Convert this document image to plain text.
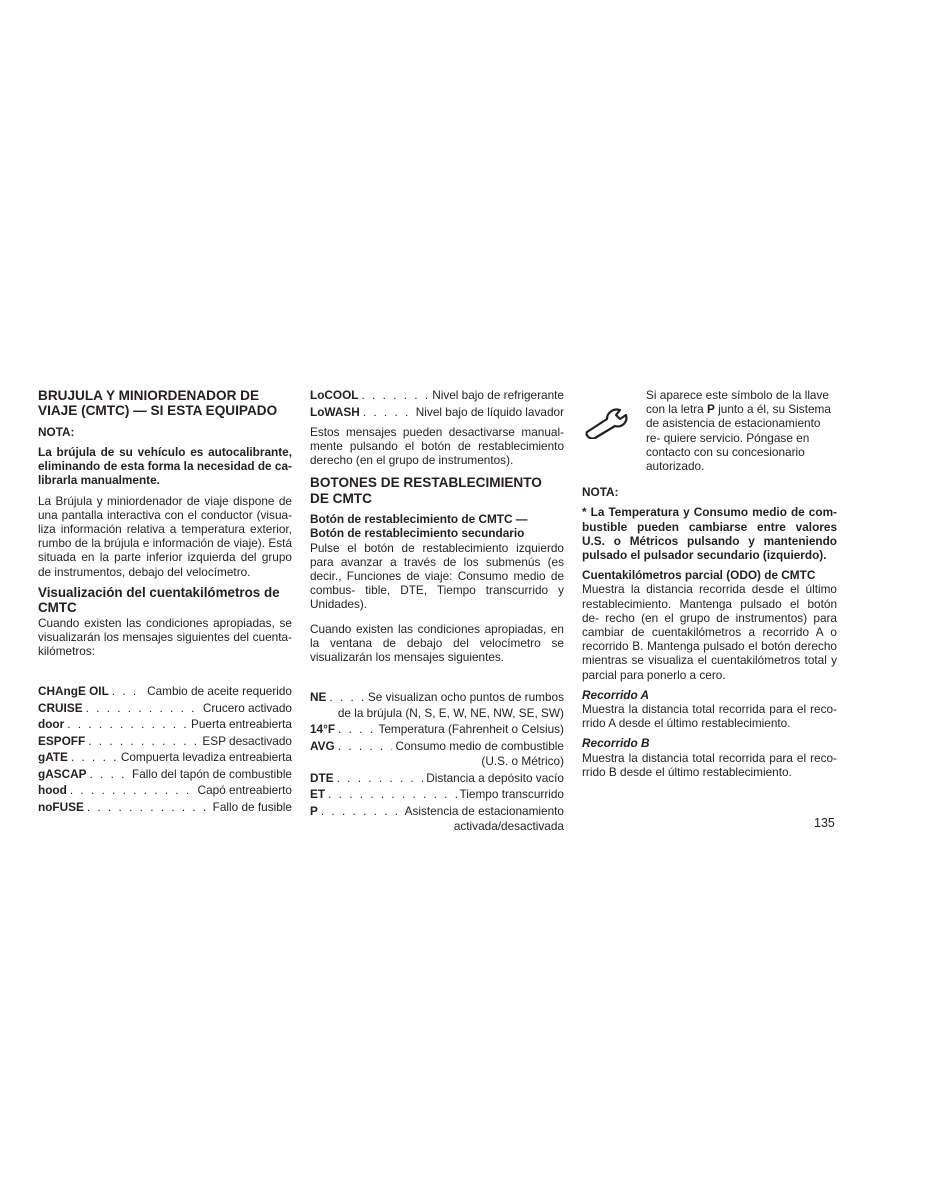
BRUJULA Y MINIORDENADOR DE VIAJE (CMTC) — SI ESTA EQUIPADO
NOTA:

La brújula de su vehículo es autocalibrante, eliminando de esta forma la necesidad de ca- librarla manualmente.

La Brújula y miniordenador de viaje dispone de una pantalla interactiva con el conductor (visua- liza información relativa a temperatura exterior, rumbo de la brújula e información de viaje). Está situada en la parte inferior izquierda del grupo de instrumentos, debajo del velocímetro.

Visualización del cuentakilómetros de CMTC

Cuando existen las condiciones apropiadas, se visualizarán los mensajes siguientes del cuenta- kilómetros:

CHAngE OIL . . .	Cambio de aceite requerido
CRUISE . . .	Crucero activado
door . . .	Puerta entreabierta
ESPOFF . . .	ESP desactivado
gATE . . .	Compuerta levadiza entreabierta
gASCAP . . .	Fallo del tapón de combustible
hood . . .	Capó entreabierto
noFUSE . . .	Fallo de fusible
LoCOOL . . .	Nivel bajo de refrigerante
LoWASH . . .	Nivel bajo de líquido lavador

Estos mensajes pueden desactivarse manual- mente pulsando el botón de restablecimiento derecho (en el grupo de instrumentos).

BOTONES DE RESTABLECIMIENTO DE CMTC
Botón de restablecimiento de CMTC — Botón de restablecimiento secundario

Pulse el botón de restablecimiento izquierdo para avanzar a través de los submenús (es decir., Funciones de viaje: Consumo medio de combus- tible, DTE, Tiempo transcurrido y Unidades).

Cuando existen las condiciones apropiadas, en la ventana de debajo del velocímetro se visualizarán los mensajes siguientes.

NE . . .	Se visualizan ocho puntos de rumbos
de la brújula (N, S, E, W, NE, NW, SE, SW)
14°F . . .	Temperatura (Fahrenheit o Celsius)
AVG . . .	Consumo medio de combustible
(U.S. o Métrico)
DTE . . .	Distancia a depósito vacío
ET . . .	Tiempo transcurrido
P . . .	Asistencia de estacionamiento
activada/desactivada

Si aparece este símbolo de la llave con la letra P junto a él, su Sistema de asistencia de estacionamiento re- quiere servicio. Póngase en contacto con su concesionario autorizado.

NOTA:

* La Temperatura y Consumo medio de com- bustible pueden cambiarse entre valores U.S. o Métricos pulsando y manteniendo pulsado el pulsador secundario (izquierdo).

Cuentakilómetros parcial (ODO) de CMTC

Muestra la distancia recorrida desde el último restablecimiento. Mantenga pulsado el botón de- recho (en el grupo de instrumentos) para cambiar de cuentakilómetros a recorrido A o recorrido B. Mantenga pulsado el botón derecho mientras se visualiza el cuentakilómetros total y parcial para ponerlo a cero.

Recorrido A

Muestra la distancia total recorrida para el reco- rrido A desde el último restablecimiento.

Recorrido B

Muestra la distancia total recorrida para el reco- rrido B desde el último restablecimiento.

135
